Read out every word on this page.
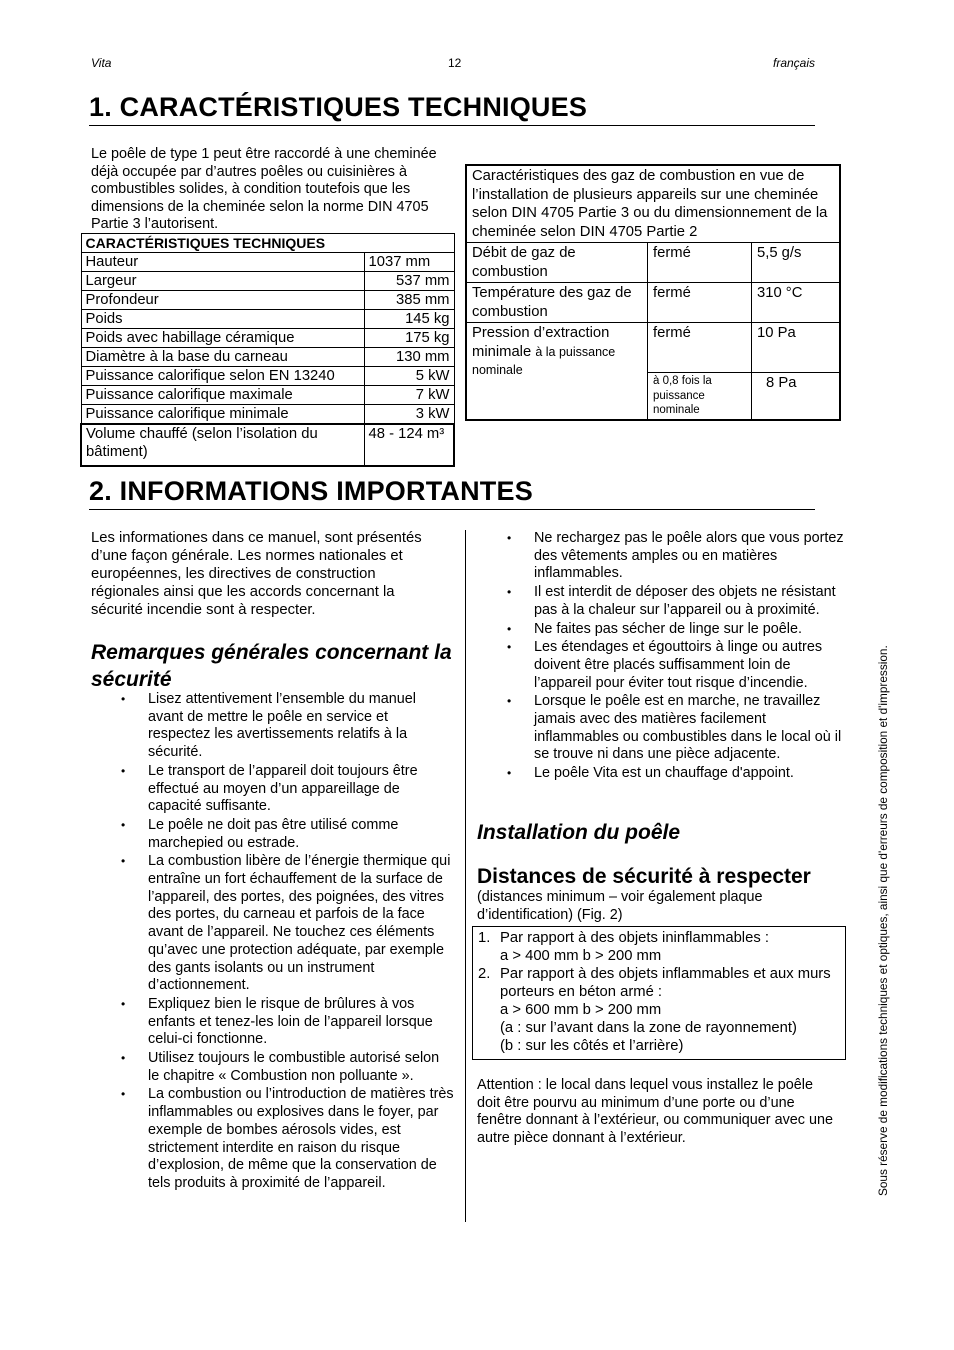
Vita	12	français
1. CARACTÉRISTIQUES TECHNIQUES
Le poêle de type 1 peut être raccordé à une cheminée déjà occupée par d’autres poêles ou cuisinières à combustibles solides, à condition toutefois que les dimensions de la cheminée selon la norme DIN 4705 Partie 3 l’autorisent.
CARACTÉRISTIQUES TECHNIQUES	
Hauteur	1037 mm
Largeur	537 mm
Profondeur	385 mm
Poids	145 kg
Poids avec habillage céramique	175 kg
Diamètre à la base du carneau	130 mm
Puissance calorifique selon EN 13240	5 kW
Puissance calorifique maximale	7 kW
Puissance calorifique minimale	3 kW
Volume chauffé (selon l’isolation du bâtiment)	48 - 124 m³
Caractéristiques des gaz de combustion en vue de l’installation de plusieurs appareils sur une cheminée selon DIN 4705 Partie 3 ou du dimensionnement de la cheminée selon DIN 4705 Partie 2		
Débit de gaz de combustion	fermé	5,5 g/s
Température des gaz de combustion	fermé	310 °C
Pression d’extraction minimale à la puissance nominale	fermé	10 Pa
	à 0,8 fois la puissance nominale	8 Pa
2. INFORMATIONS IMPORTANTES
Les informationes dans ce manuel, sont présentés d’une façon générale. Les normes nationales et européennes, les directives de construction régionales ainsi que les accords concernant la sécurité incendie sont à respecter.
Remarques générales concernant la sécurité
• Lisez attentivement l’ensemble du manuel avant de mettre le poêle en service et respectez les avertissements relatifs à la sécurité.
• Le transport de l’appareil doit toujours être effectué au moyen d’un appareillage de capacité suffisante.
• Le poêle ne doit pas être utilisé comme marchepied ou estrade.
• La combustion libère de l’énergie thermique qui entraîne un fort échauffement de la surface de l’appareil, des portes, des poignées, des vitres des portes, du carneau et parfois de la face avant de l’appareil. Ne touchez ces éléments qu’avec une protection adéquate, par exemple des gants isolants ou un instrument d’actionnement.
• Expliquez bien le risque de brûlures à vos enfants et tenez-les loin de l’appareil lorsque celui-ci fonctionne.
• Utilisez toujours le combustible autorisé selon le chapitre « Combustion non polluante ».
• La combustion ou l’introduction de matières très inflammables ou explosives dans le foyer, par exemple de bombes aérosols vides, est strictement interdite en raison du risque d’explosion, de même que la conservation de tels produits à proximité de l’appareil.
• Ne rechargez pas le poêle alors que vous portez des vêtements amples ou en matières inflammables.
• Il est interdit de déposer des objets ne résistant pas à la chaleur sur l’appareil ou à proximité.
• Ne faites pas sécher de linge sur le poêle.
• Les étendages et égouttoirs à linge ou autres doivent être placés suffisamment loin de l’appareil pour éviter tout risque d’incendie.
• Lorsque le poêle est en marche, ne travaillez jamais avec des matières facilement inflammables ou combustibles dans le local où il se trouve ni dans une pièce adjacente.
• Le poêle Vita est un chauffage d'appoint.
Installation du poêle
Distances de sécurité à respecter
(distances minimum – voir également plaque d’identification) (Fig. 2)
1. Par rapport à des objets ininflammables :
a > 400 mm b > 200 mm
2. Par rapport à des objets inflammables et aux murs porteurs en béton armé :
a > 600 mm b > 200 mm
(a : sur l’avant dans la zone de rayonnement)
(b : sur les côtés et l’arrière)
Attention : le local dans lequel vous installez le poêle doit être pourvu au minimum d’une porte ou d’une fenêtre donnant à l’extérieur, ou communiquer avec une autre pièce donnant à l’extérieur.	Sous réserve de modifications techniques et optiques, ainsi que d'erreurs de composition et d'impression.
